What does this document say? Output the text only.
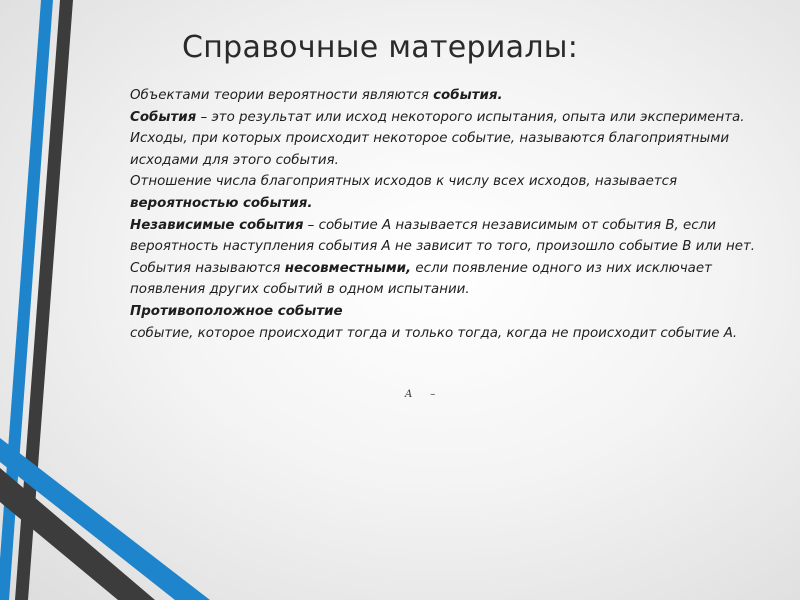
Справочные материалы:

Объектами теории вероятности являются события.

События – это результат или исход некоторого испытания, опыта или эксперимента.

Исходы, при которых происходит некоторое событие, называются благоприятными исходами для этого события.

Отношение числа благоприятных исходов к числу всех исходов, называется вероятностью события.

Независимые события – событие А называется независимым от события В, если вероятность наступления события А не зависит то того, произошло событие В или нет.

События называются несовместными, если появление одного из них исключает появления других событий в одном испытании.

Противоположное событие

событие, которое происходит тогда и только тогда, когда не происходит событие А.

A –
